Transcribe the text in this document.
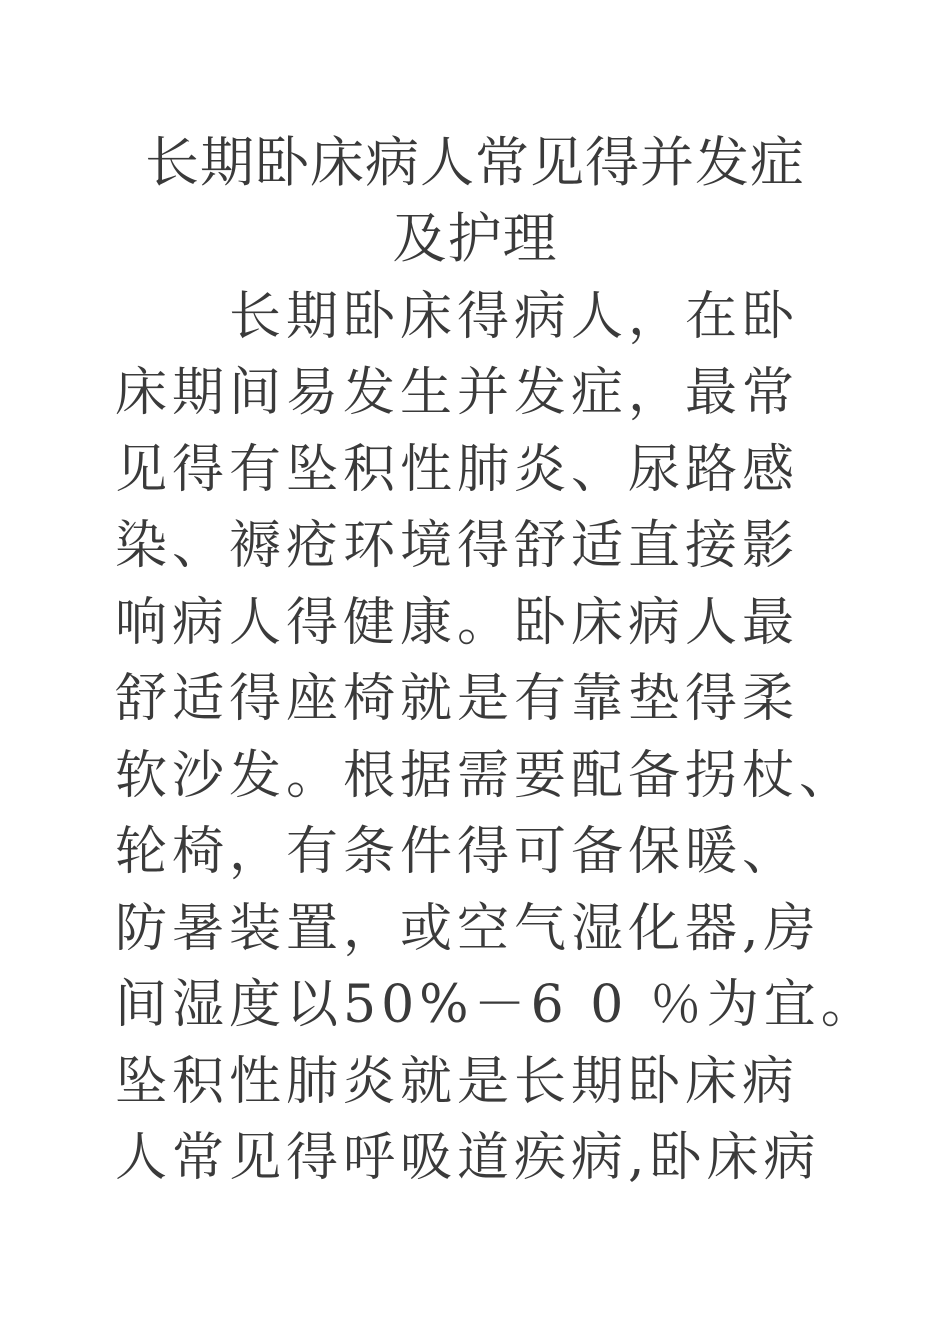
长期卧床病人常见得并发症
及护理
长期卧床得病人，在卧
床期间易发生并发症，最常
见得有坠积性肺炎、尿路感
染、褥疮环境得舒适直接影
响病人得健康。卧床病人最
舒适得座椅就是有靠垫得柔
软沙发。根据需要配备拐杖、
轮椅，有条件得可备保暖、
防暑装置，或空气湿化器,房
间湿度以50%－6 0 ％为宜。
坠积性肺炎就是长期卧床病
人常见得呼吸道疾病,卧床病
